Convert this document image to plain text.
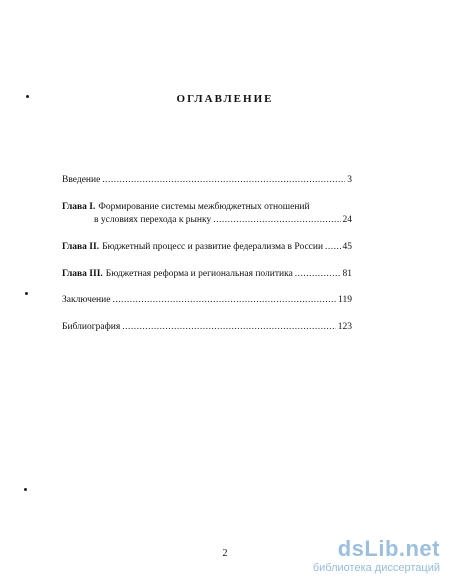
ОГЛАВЛЕНИЕ
Введение .....	3
Глава I. Формирование системы межбюджетных отношений
в условиях перехода к рынку .....	24
Глава II. Бюджетный процесс и развитие федерализма в России ..... 45
Глава III. Бюджетная реформа и региональная политика .....	81
Заключение .....	119
Библиография .....	123
2	dsLib.net
библиотека диссертаций
